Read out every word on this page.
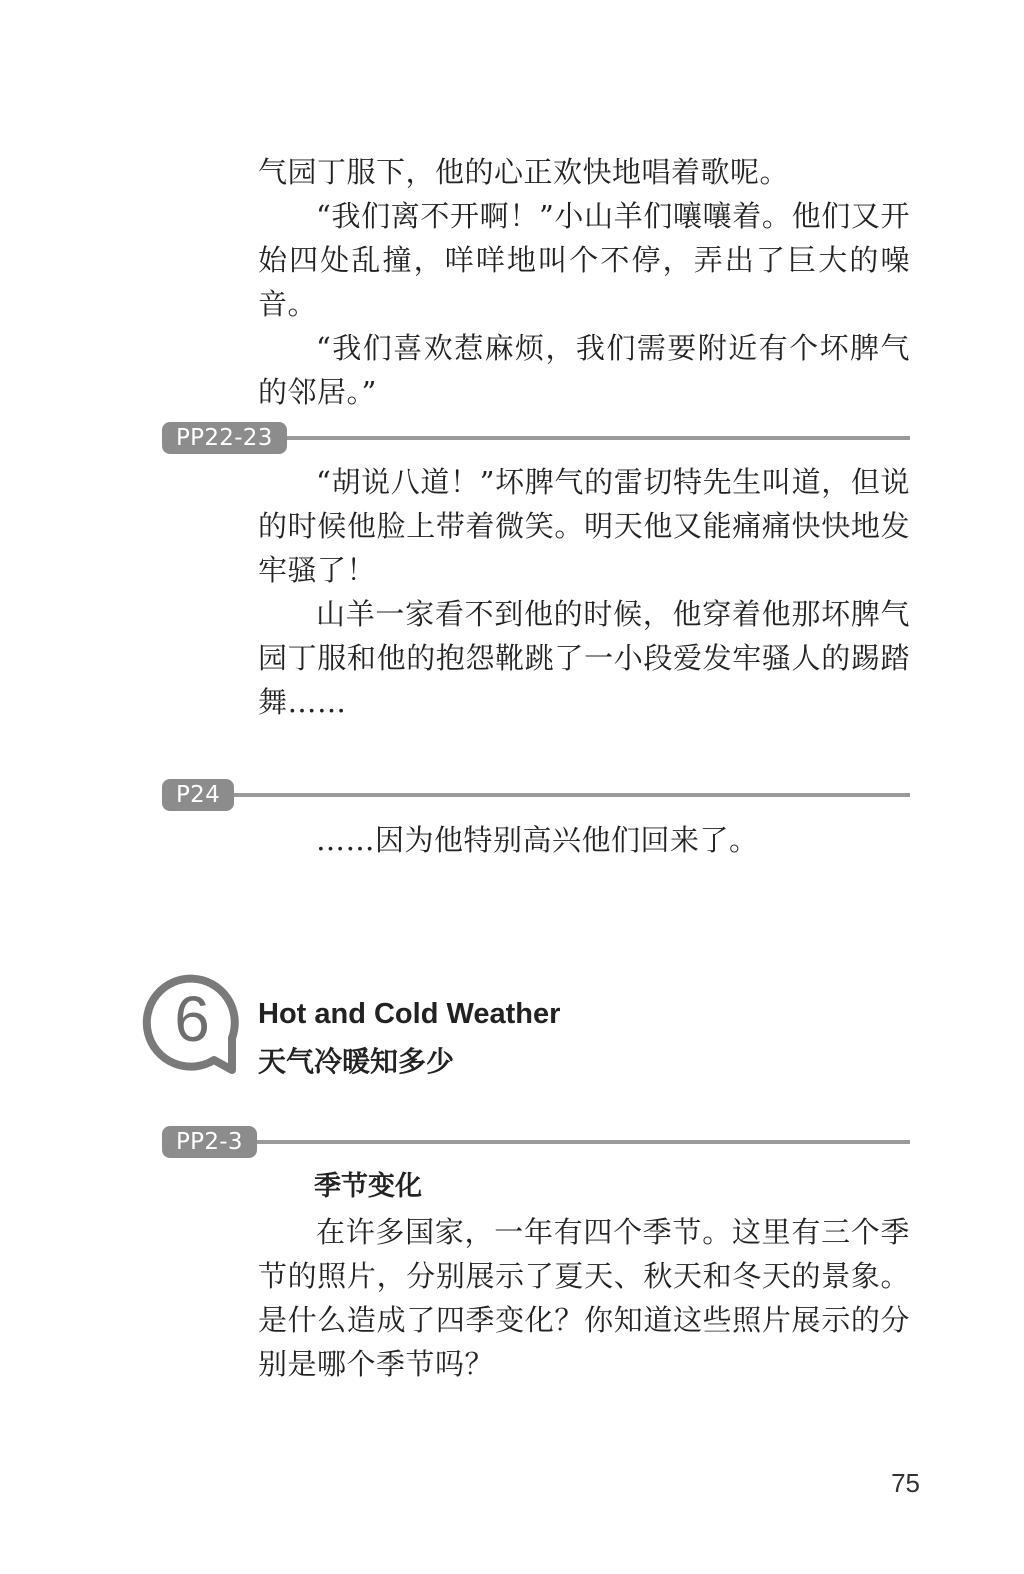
气园丁服下，他的心正欢快地唱着歌呢。

“我们离不开啊！”小山羊们嚷嚷着。他们又开始四处乱撞，咩咩地叫个不停，弄出了巨大的噪音。

“我们喜欢惹麻烦，我们需要附近有个坏脾气的邻居。”

PP22-23

“胡说八道！”坏脾气的雷切特先生叫道，但说的时候他脸上带着微笑。明天他又能痛痛快快地发牢骚了！

山羊一家看不到他的时候，他穿着他那坏脾气园丁服和他的抱怨靴跳了一小段爱发牢骚人的踢踏舞……

P24

……因为他特别高兴他们回来了。

6 Hot and Cold Weather

天气冷暖知多少

PP2-3

季节变化

在许多国家，一年有四个季节。这里有三个季节的照片，分别展示了夏天、秋天和冬天的景象。是什么造成了四季变化？你知道这些照片展示的分别是哪个季节吗？

75
